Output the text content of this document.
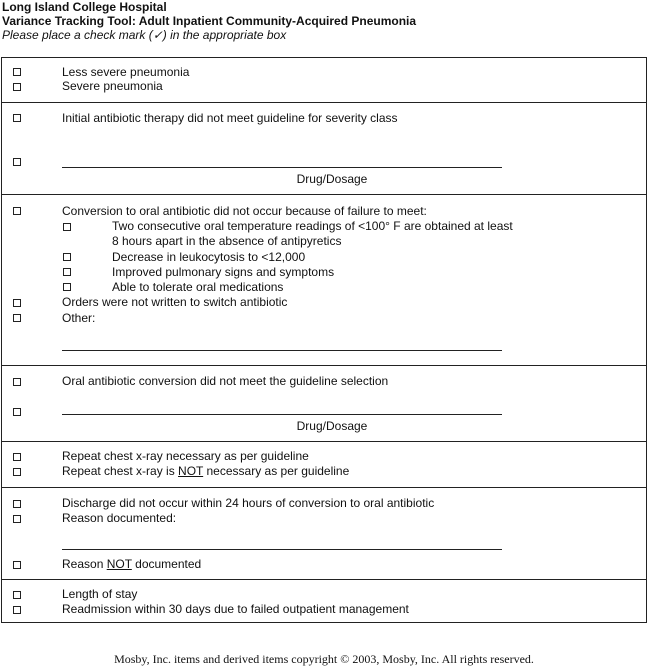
Long Island College Hospital
Variance Tracking Tool: Adult Inpatient Community-Acquired Pneumonia
Please place a check mark (✓) in the appropriate box
Less severe pneumonia
Severe pneumonia
Initial antibiotic therapy did not meet guideline for severity class
Drug/Dosage
Conversion to oral antibiotic did not occur because of failure to meet:
Two consecutive oral temperature readings of <100° F are obtained at least
8 hours apart in the absence of antipyretics
Decrease in leukocytosis to <12,000
Improved pulmonary signs and symptoms
Able to tolerate oral medications
Orders were not written to switch antibiotic
Other:
Oral antibiotic conversion did not meet the guideline selection
Drug/Dosage
Repeat chest x-ray necessary as per guideline
Repeat chest x-ray is NOT necessary as per guideline
Discharge did not occur within 24 hours of conversion to oral antibiotic
Reason documented:
Reason NOT documented
Length of stay
Readmission within 30 days due to failed outpatient management
Mosby, Inc. items and derived items copyright © 2003, Mosby, Inc. All rights reserved.
